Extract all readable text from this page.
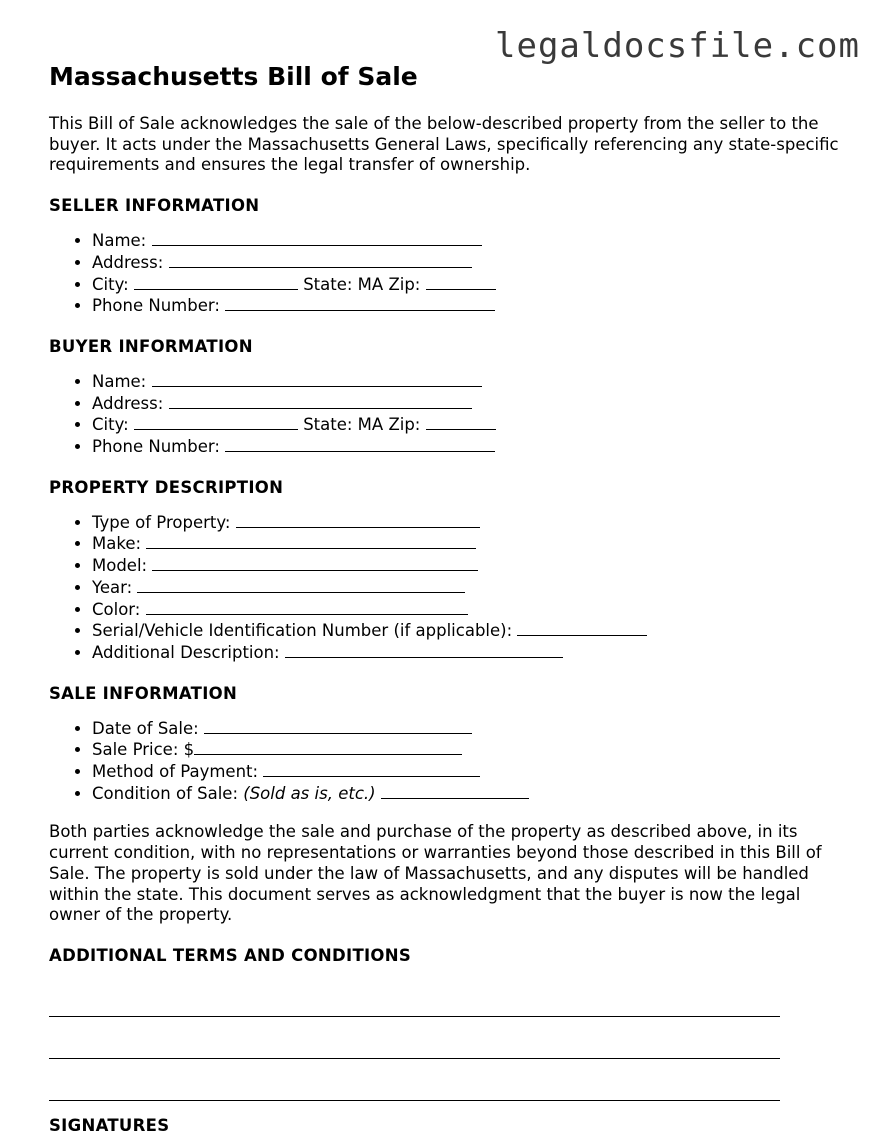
legaldocsfile.com
Massachusetts Bill of Sale

This Bill of Sale acknowledges the sale of the below-described property from the seller to the buyer. It acts under the Massachusetts General Laws, specifically referencing any state-specific requirements and ensures the legal transfer of ownership.

SELLER INFORMATION
• Name:
• Address:
• City:	State: MA Zip:
• Phone Number:
BUYER INFORMATION
• Name:
• Address:
• City:	State: MA Zip:
• Phone Number:
PROPERTY DESCRIPTION
• Type of Property:
• Make:
• Model:
• Year:
• Color:
• Serial/Vehicle Identification Number (if applicable):
• Additional Description:
SALE INFORMATION
• Date of Sale:
• Sale Price: $
• Method of Payment:
• Condition of Sale: (Sold as is, etc.)

Both parties acknowledge the sale and purchase of the property as described above, in its current condition, with no representations or warranties beyond those described in this Bill of Sale. The property is sold under the law of Massachusetts, and any disputes will be handled within the state. This document serves as acknowledgment that the buyer is now the legal owner of the property.

ADDITIONAL TERMS AND CONDITIONS
SIGNATURES
